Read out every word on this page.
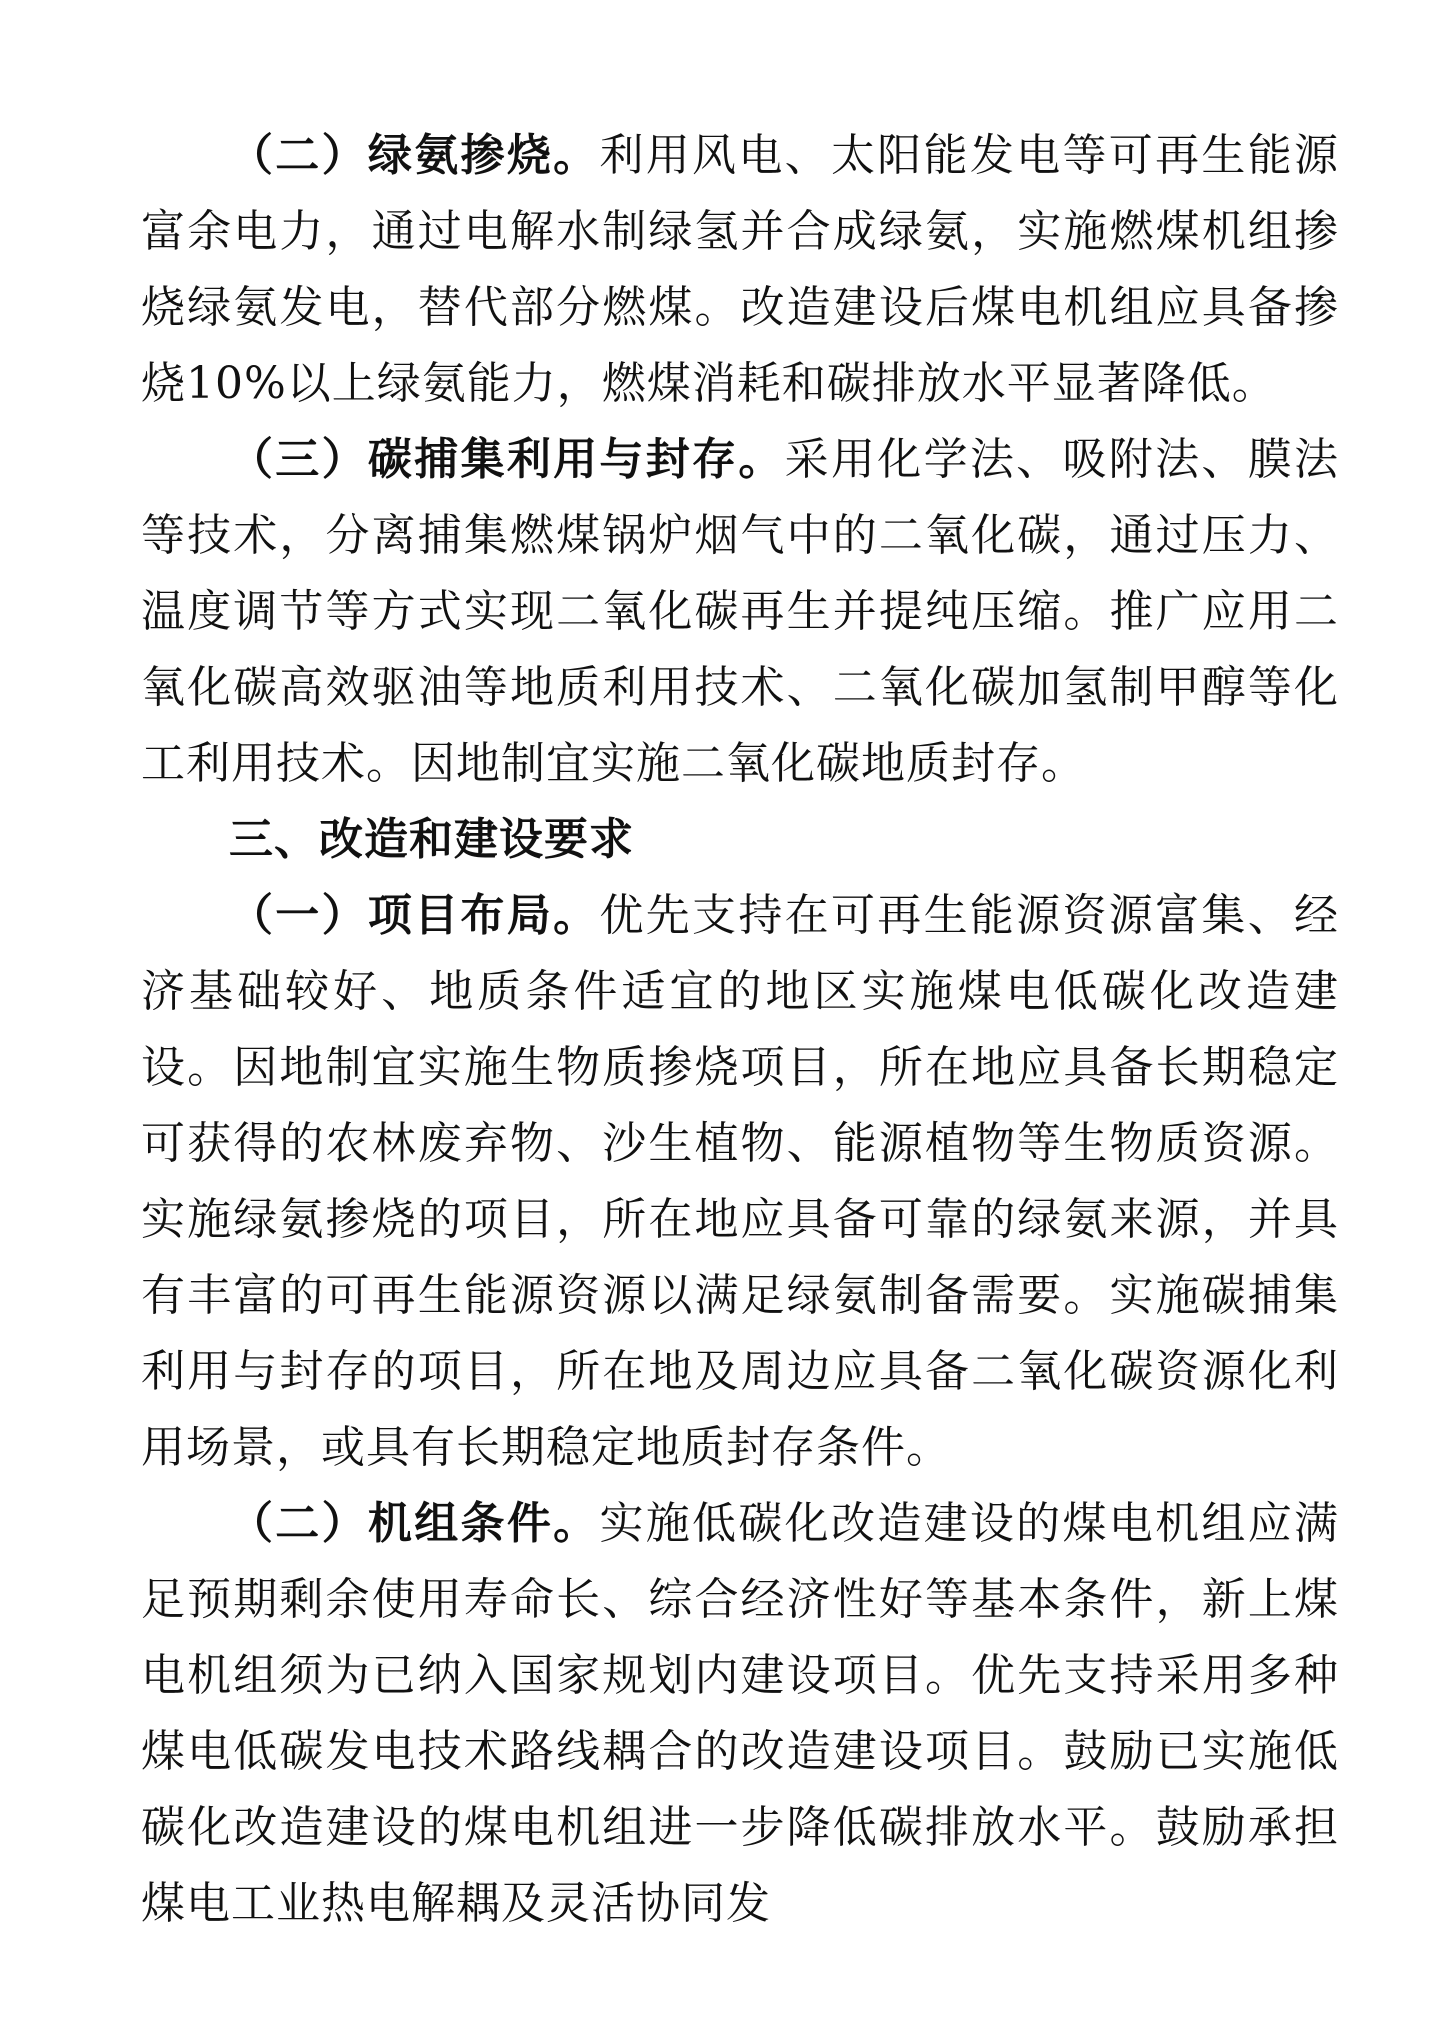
（二）绿氨掺烧。利用风电、太阳能发电等可再生能源富余电力，通过电解水制绿氢并合成绿氨，实施燃煤机组掺烧绿氨发电，替代部分燃煤。改造建设后煤电机组应具备掺烧10%以上绿氨能力，燃煤消耗和碳排放水平显著降低。

（三）碳捕集利用与封存。采用化学法、吸附法、膜法等技术，分离捕集燃煤锅炉烟气中的二氧化碳，通过压力、温度调节等方式实现二氧化碳再生并提纯压缩。推广应用二氧化碳高效驱油等地质利用技术、二氧化碳加氢制甲醇等化工利用技术。因地制宜实施二氧化碳地质封存。

三、改造和建设要求

（一）项目布局。优先支持在可再生能源资源富集、经济基础较好、地质条件适宜的地区实施煤电低碳化改造建设。因地制宜实施生物质掺烧项目，所在地应具备长期稳定可获得的农林废弃物、沙生植物、能源植物等生物质资源。实施绿氨掺烧的项目，所在地应具备可靠的绿氨来源，并具有丰富的可再生能源资源以满足绿氨制备需要。实施碳捕集利用与封存的项目，所在地及周边应具备二氧化碳资源化利用场景，或具有长期稳定地质封存条件。

（二）机组条件。实施低碳化改造建设的煤电机组应满足预期剩余使用寿命长、综合经济性好等基本条件，新上煤电机组须为已纳入国家规划内建设项目。优先支持采用多种煤电低碳发电技术路线耦合的改造建设项目。鼓励已实施低碳化改造建设的煤电机组进一步降低碳排放水平。鼓励承担煤电工业热电解耦及灵活协同发
